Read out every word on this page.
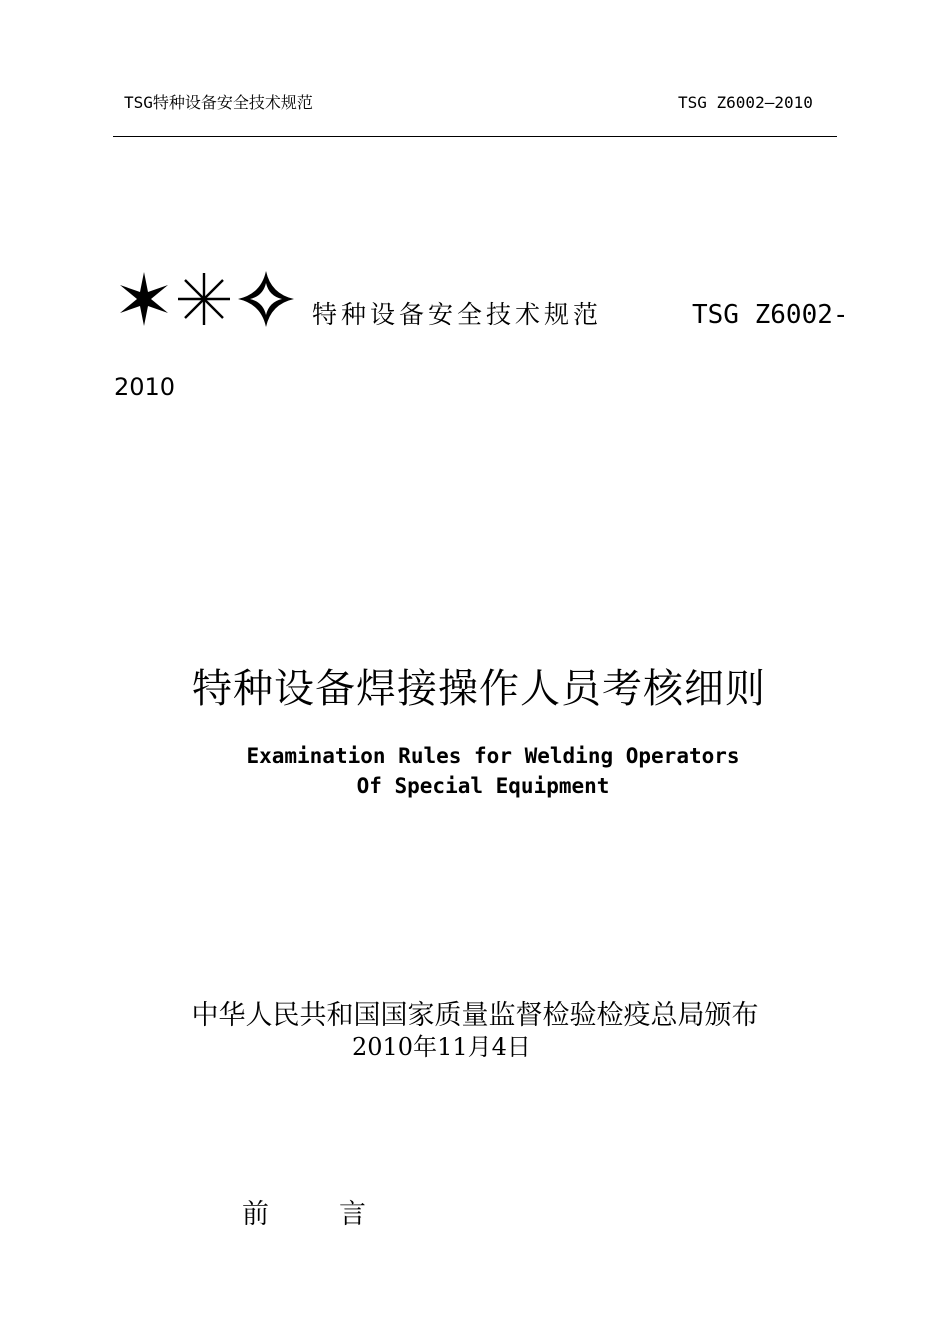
TSG特种设备安全技术规范	TSG Z6002—2010
特种设备安全技术规范	TSG Z6002-
2010
特种设备焊接操作人员考核细则
Examination Rules for Welding Operators
Of Special Equipment
中华人民共和国国家质量监督检验检疫总局颁布
2010年11月4日
前	言
